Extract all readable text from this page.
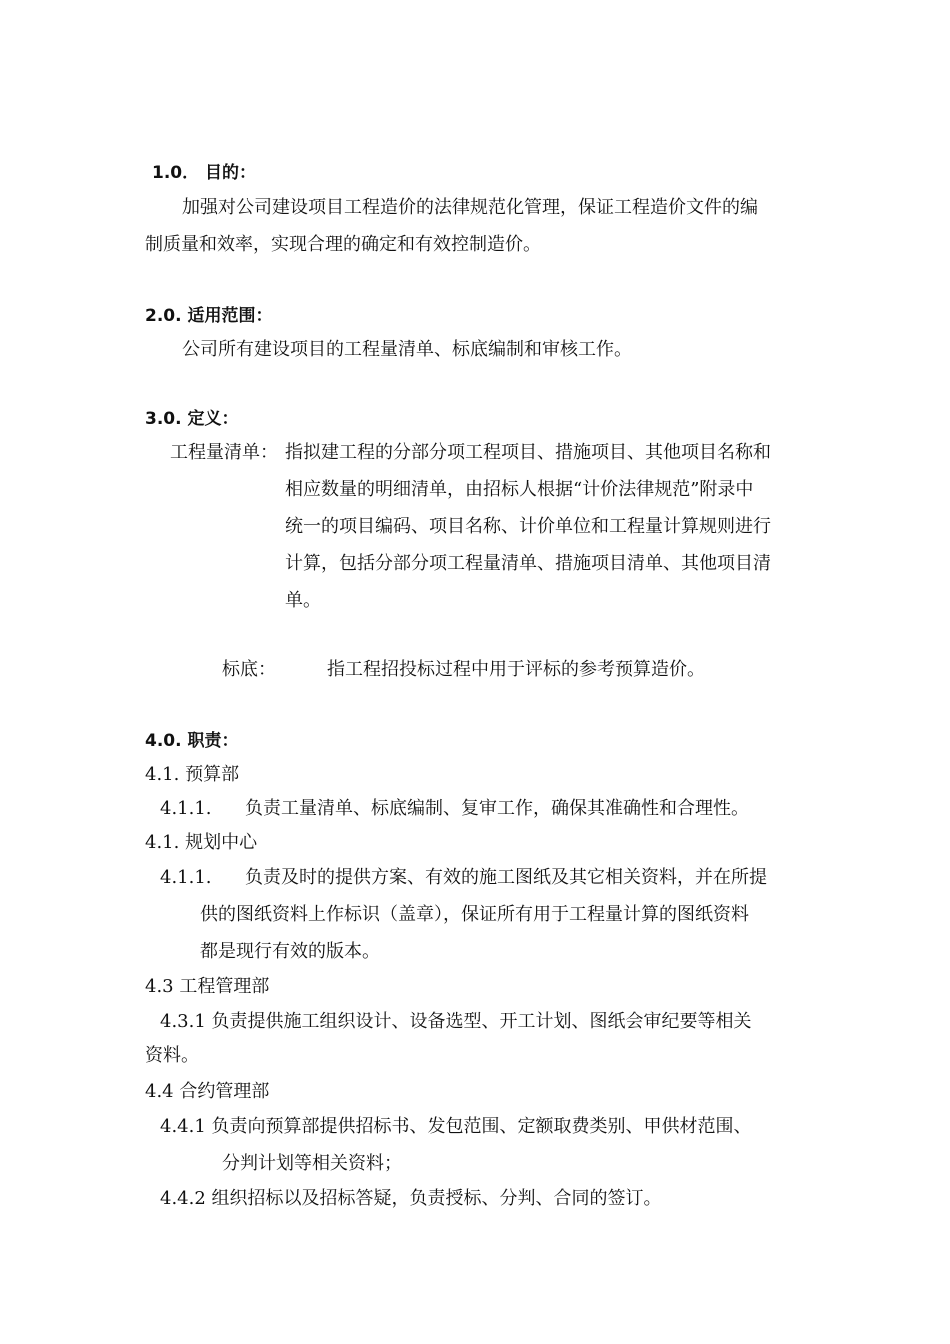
1.0． 目的：
加强对公司建设项目工程造价的法律规范化管理，保证工程造价文件的编
制质量和效率，实现合理的确定和有效控制造价。
2.0. 适用范围：
公司所有建设项目的工程量清单、标底编制和审核工作。
3.0. 定义：
工程量清单： 指拟建工程的分部分项工程项目、措施项目、其他项目名称和
相应数量的明细清单，由招标人根据“计价法律规范”附录中
统一的项目编码、项目名称、计价单位和工程量计算规则进行
计算，包括分部分项工程量清单、措施项目清单、其他项目清
单。
标底：	指工程招投标过程中用于评标的参考预算造价。
4.0. 职责：
4.1. 预算部
4.1.1. 负责工量清单、标底编制、复审工作，确保其准确性和合理性。
4.1. 规划中心
4.1.1. 负责及时的提供方案、有效的施工图纸及其它相关资料，并在所提
供的图纸资料上作标识（盖章），保证所有用于工程量计算的图纸资料
都是现行有效的版本。
4.3 工程管理部
4.3.1 负责提供施工组织设计、设备选型、开工计划、图纸会审纪要等相关
资料。
4.4 合约管理部
4.4.1 负责向预算部提供招标书、发包范围、定额取费类别、甲供材范围、
分判计划等相关资料；
4.4.2 组织招标以及招标答疑，负责授标、分判、合同的签订。
